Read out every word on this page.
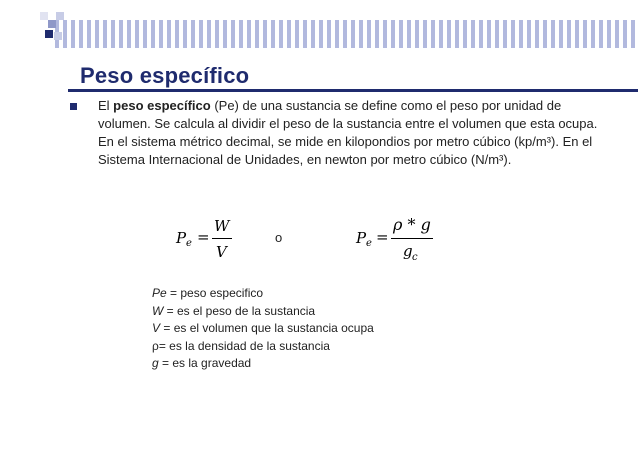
Peso específico

El peso específico (Pe) de una sustancia se define como el peso por unidad de volumen. Se calcula al dividir el peso de la sustancia entre el volumen que esta ocupa. En el sistema métrico decimal, se mide en kilopondios por metro cúbico (kp/m³). En el Sistema Internacional de Unidades, en newton por metro cúbico (N/m³).

P e =
W
V
o	P e =
ρ * g
g c
Pe = peso especifico
W = es el peso de la sustancia
V = es el volumen que la sustancia ocupa
ρ= es la densidad de la sustancia
g = es la gravedad
